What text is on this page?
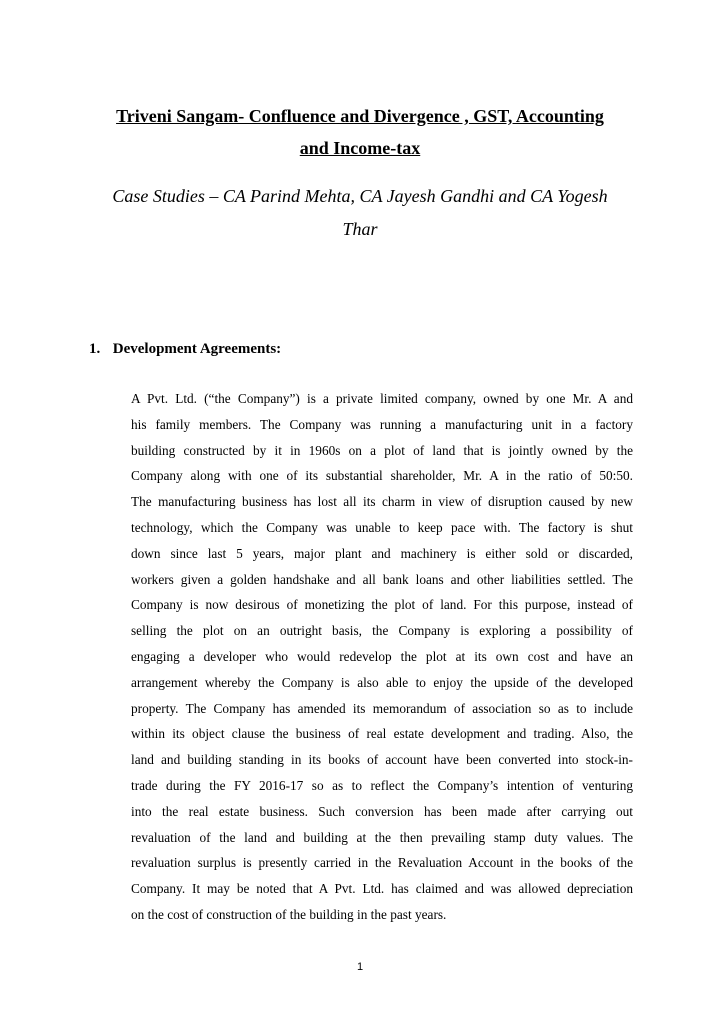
Triveni Sangam- Confluence and Divergence , GST, Accounting
and Income-tax
Case Studies – CA Parind Mehta, CA Jayesh Gandhi and CA Yogesh
Thar
1. Development Agreements:
A Pvt. Ltd. (“the Company”) is a private limited company, owned by one Mr. A and
his family members. The Company was running a manufacturing unit in a factory
building constructed by it in 1960s on a plot of land that is jointly owned by the
Company along with one of its substantial shareholder, Mr. A in the ratio of 50:50.
The manufacturing business has lost all its charm in view of disruption caused by new
technology, which the Company was unable to keep pace with. The factory is shut
down since last 5 years, major plant and machinery is either sold or discarded,
workers given a golden handshake and all bank loans and other liabilities settled. The
Company is now desirous of monetizing the plot of land. For this purpose, instead of
selling the plot on an outright basis, the Company is exploring a possibility of
engaging a developer who would redevelop the plot at its own cost and have an
arrangement whereby the Company is also able to enjoy the upside of the developed
property. The Company has amended its memorandum of association so as to include
within its object clause the business of real estate development and trading. Also, the
land and building standing in its books of account have been converted into stock-in-
trade during the FY 2016-17 so as to reflect the Company’s intention of venturing
into the real estate business. Such conversion has been made after carrying out
revaluation of the land and building at the then prevailing stamp duty values. The
revaluation surplus is presently carried in the Revaluation Account in the books of the
Company. It may be noted that A Pvt. Ltd. has claimed and was allowed depreciation
on the cost of construction of the building in the past years.
1
